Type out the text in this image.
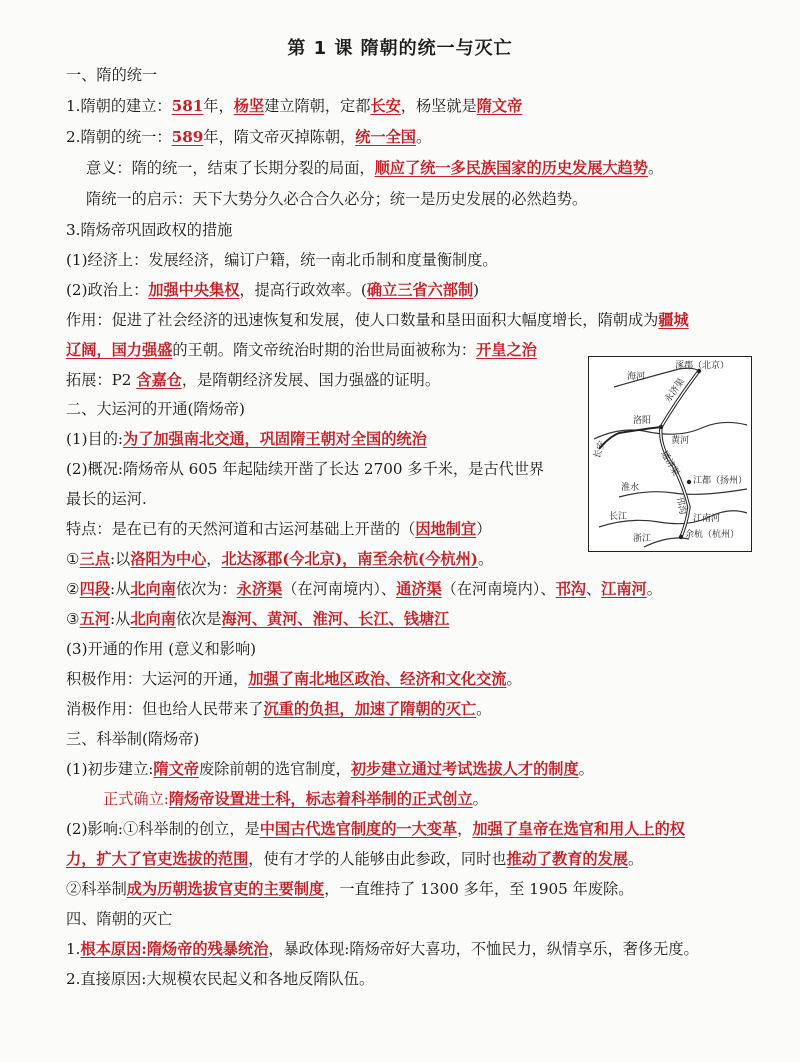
第 1 课 隋朝的统一与灭亡
一、隋的统一
1.隋朝的建立：581年，杨坚建立隋朝，定都长安，杨坚就是隋文帝
2.隋朝的统一：589年，隋文帝灭掉陈朝，统一全国。
意义：隋的统一，结束了长期分裂的局面，顺应了统一多民族国家的历史发展大趋势。
隋统一的启示：天下大势分久必合合久必分；统一是历史发展的必然趋势。
3.隋炀帝巩固政权的措施
(1)经济上：发展经济，编订户籍，统一南北币制和度量衡制度。
(2)政治上：加强中央集权，提高行政效率。(确立三省六部制)
作用：促进了社会经济的迅速恢复和发展，使人口数量和垦田面积大幅度增长，隋朝成为疆城
辽阔，国力强盛的王朝。隋文帝统治时期的治世局面被称为：开皇之治
拓展：P2 含嘉仓，是隋朝经济发展、国力强盛的证明。
二、大运河的开通(隋炀帝)
(1)目的:为了加强南北交通，巩固隋王朝对全国的统治
(2)概况:隋炀帝从 605 年起陆续开凿了长达 2700 多千米，是古代世界
最长的运河.
特点：是在已有的天然河道和古运河基础上开凿的（因地制宜）
①三点:以洛阳为中心，北达涿郡(今北京)，南至余杭(今杭州)。
②四段:从北向南依次为：永济渠（在河南境内）、通济渠（在河南境内）、邗沟、江南河。
③五河:从北向南依次是海河、黄河、淮河、长江、钱塘江
(3)开通的作用 (意义和影响)
积极作用：大运河的开通，加强了南北地区政治、经济和文化交流。
消极作用：但也给人民带来了沉重的负担，加速了隋朝的灭亡。
三、科举制(隋炀帝)
(1)初步建立:隋文帝废除前朝的选官制度，初步建立通过考试选拔人才的制度。
正式确立:隋炀帝设置进士科，标志着科举制的正式创立。
(2)影响:①科举制的创立，是中国古代选官制度的一大变革，加强了皇帝在选官和用人上的权
力，扩大了官吏选拔的范围，使有才学的人能够由此参政，同时也推动了教育的发展。
②科举制成为历朝选拔官吏的主要制度，一直维持了 1300 多年，至 1905 年废除。
四、隋朝的灭亡
1.根本原因:隋炀帝的残暴统治，暴政体现:隋炀帝好大喜功，不恤民力，纵情享乐，奢侈无度。
2.直接原因:大规模农民起义和各地反隋队伍。
涿郡（北京）
海河 永济渠
洛阳
黄河
长安	通济渠
江都（扬州）
淮水
邗沟
长江	江南河
浙江	余杭（杭州）
